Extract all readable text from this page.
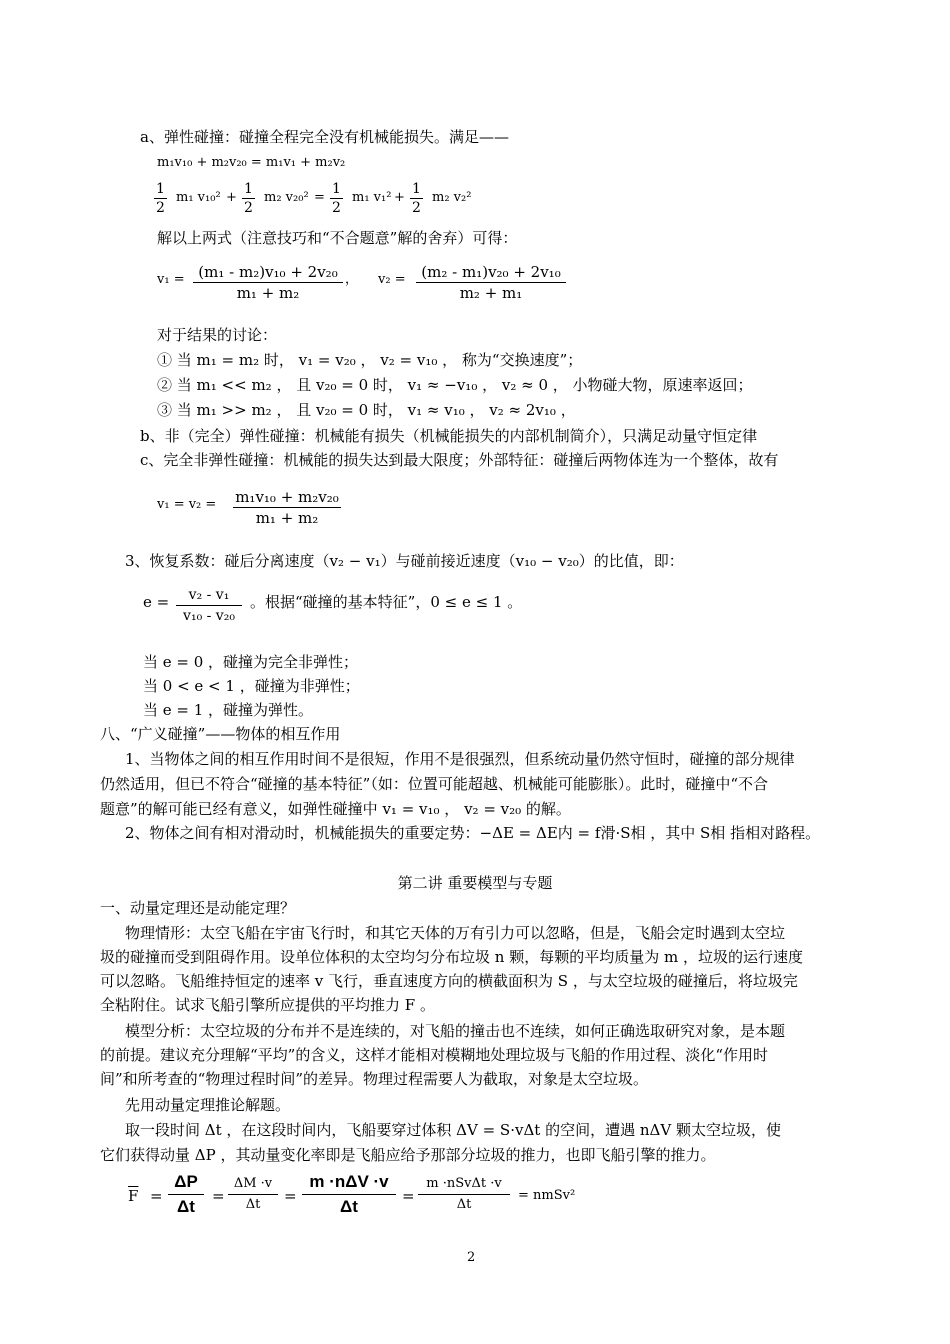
a、弹性碰撞：碰撞全程完全没有机械能损失。满足——
m₁v₁₀ + m₂v₂₀ = m₁v₁ + m₂v₂
1
2
m₁ v₁₀² +
1
2
m₂ v₂₀² =
1
2
m₁ v₁² +
1
2
m₂ v₂²
解以上两式（注意技巧和“不合题意”解的舍弃）可得：
v₁ = (m₁ - m₂)v₁₀ + 2v₂₀
m₁ + m₂
， v₂ =	(m₂ - m₁)v₂₀ + 2v₁₀
m₂ + m₁
对于结果的讨论：
① 当 m₁ = m₂ 时， v₁ = v₂₀ ， v₂ = v₁₀ ， 称为“交换速度”；
② 当 m₁ << m₂ ， 且 v₂₀ = 0 时， v₁ ≈ −v₁₀ ， v₂ ≈ 0 ， 小物碰大物，原速率返回；
③ 当 m₁ >> m₂ ， 且 v₂₀ = 0 时， v₁ ≈ v₁₀ ， v₂ ≈ 2v₁₀ ，
b、非（完全）弹性碰撞：机械能有损失（机械能损失的内部机制简介），只满足动量守恒定律
c、完全非弹性碰撞：机械能的损失达到最大限度；外部特征：碰撞后两物体连为一个整体，故有
v₁ = v₂ = m₁v₁₀ + m₂v₂₀
m₁ + m₂
3、恢复系数：碰后分离速度（v₂ − v₁）与碰前接近速度（v₁₀ − v₂₀）的比值，即：
e =	v₂ - v₁
v₁₀ - v₂₀
。根据“碰撞的基本特征”，0 ≤ e ≤ 1 。
当 e = 0 ，碰撞为完全非弹性；
当 0 < e < 1 ，碰撞为非弹性；
当 e = 1 ，碰撞为弹性。
八、“广义碰撞”——物体的相互作用
1、当物体之间的相互作用时间不是很短，作用不是很强烈，但系统动量仍然守恒时，碰撞的部分规律
仍然适用，但已不符合“碰撞的基本特征”（如：位置可能超越、机械能可能膨胀）。此时，碰撞中“不合
题意”的解可能已经有意义，如弹性碰撞中 v₁ = v₁₀ ， v₂ = v₂₀ 的解。
2、物体之间有相对滑动时，机械能损失的重要定势：−ΔE = ΔE内 = f滑·S相 ，其中 S相 指相对路程。
第二讲 重要模型与专题
一、动量定理还是动能定理？
物理情形：太空飞船在宇宙飞行时，和其它天体的万有引力可以忽略，但是，飞船会定时遇到太空垃
圾的碰撞而受到阻碍作用。设单位体积的太空均匀分布垃圾 n 颗，每颗的平均质量为 m ，垃圾的运行速度
可以忽略。飞船维持恒定的速率 v 飞行，垂直速度方向的横截面积为 S ，与太空垃圾的碰撞后，将垃圾完
全粘附住。试求飞船引擎所应提供的平均推力 F 。
模型分析：太空垃圾的分布并不是连续的，对飞船的撞击也不连续，如何正确选取研究对象，是本题
的前提。建议充分理解“平均”的含义，这样才能相对模糊地处理垃圾与飞船的作用过程、淡化“作用时
间”和所考查的“物理过程时间”的差异。物理过程需要人为截取，对象是太空垃圾。
先用动量定理推论解题。
取一段时间 Δt ，在这段时间内，飞船要穿过体积 ΔV = S·vΔt 的空间，遭遇 nΔV 颗太空垃圾，使
它们获得动量 ΔP ，其动量变化率即是飞船应给予那部分垃圾的推力，也即飞船引擎的推力。
$\overline{F}$ =
ΔP
Δt
=
ΔM ·v
Δt	=
m ·nΔV ·v
Δt
=
m ·nSvΔt ·v
Δt
= nmSv²
2
